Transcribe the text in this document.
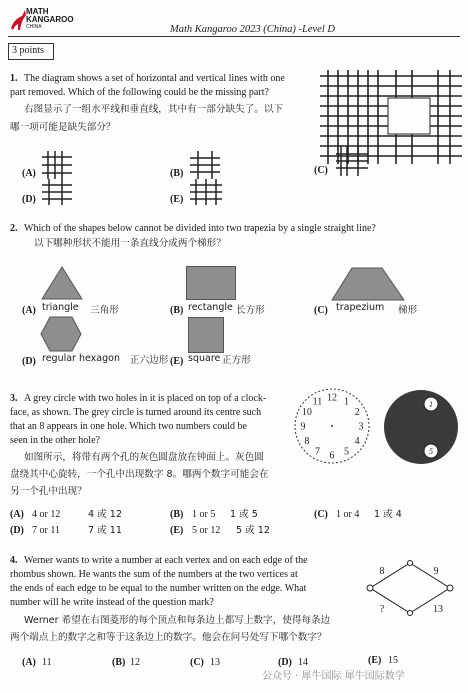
MATH
KANGAROO
CHINA	Math Kangaroo 2023 (China) -Level D
3 points
1. The diagram shows a set of horizontal and vertical lines with one
part removed. Which of the following could be the missing part?
右图显示了一组水平线和垂直线，其中有一部分缺失了。以下
哪一项可能是缺失部分？
(A)	(B)	(C)
(D)	(E)
2. Which of the shapes below cannot be divided into two trapezia by a single straight line?
以下哪种形状不能用一条直线分成两个梯形？
(A) triangle 三角形	(B) rectangle 长方形	(C) trapezium 梯形
(D) regular hexagon 正六边形 (E) square 正方形
3. A grey circle with two holes in it is placed on top of a clock-
face, as shown. The grey circle is turned around its centre such
that an 8 appears in one hole. Which two numbers could be
seen in the other hole?
如图所示，将带有两个孔的灰色圆盘放在钟面上。灰色圆
盘绕其中心旋转，一个孔中出现数字 8。哪两个数字可能会在
另一个孔中出现？
12 1
2
3
4
5
6
7
8
9
10
11	1
5
(A) 4 or 12	4 或 12	(B) 1 or 5 1 或 5	(C) 1 or 4 1 或 4
(D) 7 or 11	7 或 11	(E) 5 or 12 5 或 12
4. Werner wants to write a number at each vertex and on each edge of the
rhombus shown. He wants the sum of the numbers at the two vertices at
the ends of each edge to be equal to the number written on the edge. What
number will he write instead of the question mark?
Werner 希望在右图菱形的每个顶点和每条边上都写上数字，使得每条边
两个端点上的数字之和等于这条边上的数字。他会在问号处写下哪个数字？
8	9
?	13
(A) 11	(B) 12	(C) 13	(D) 14	(E) 15
公众号 · 犀牛国际 犀牛国际数学
